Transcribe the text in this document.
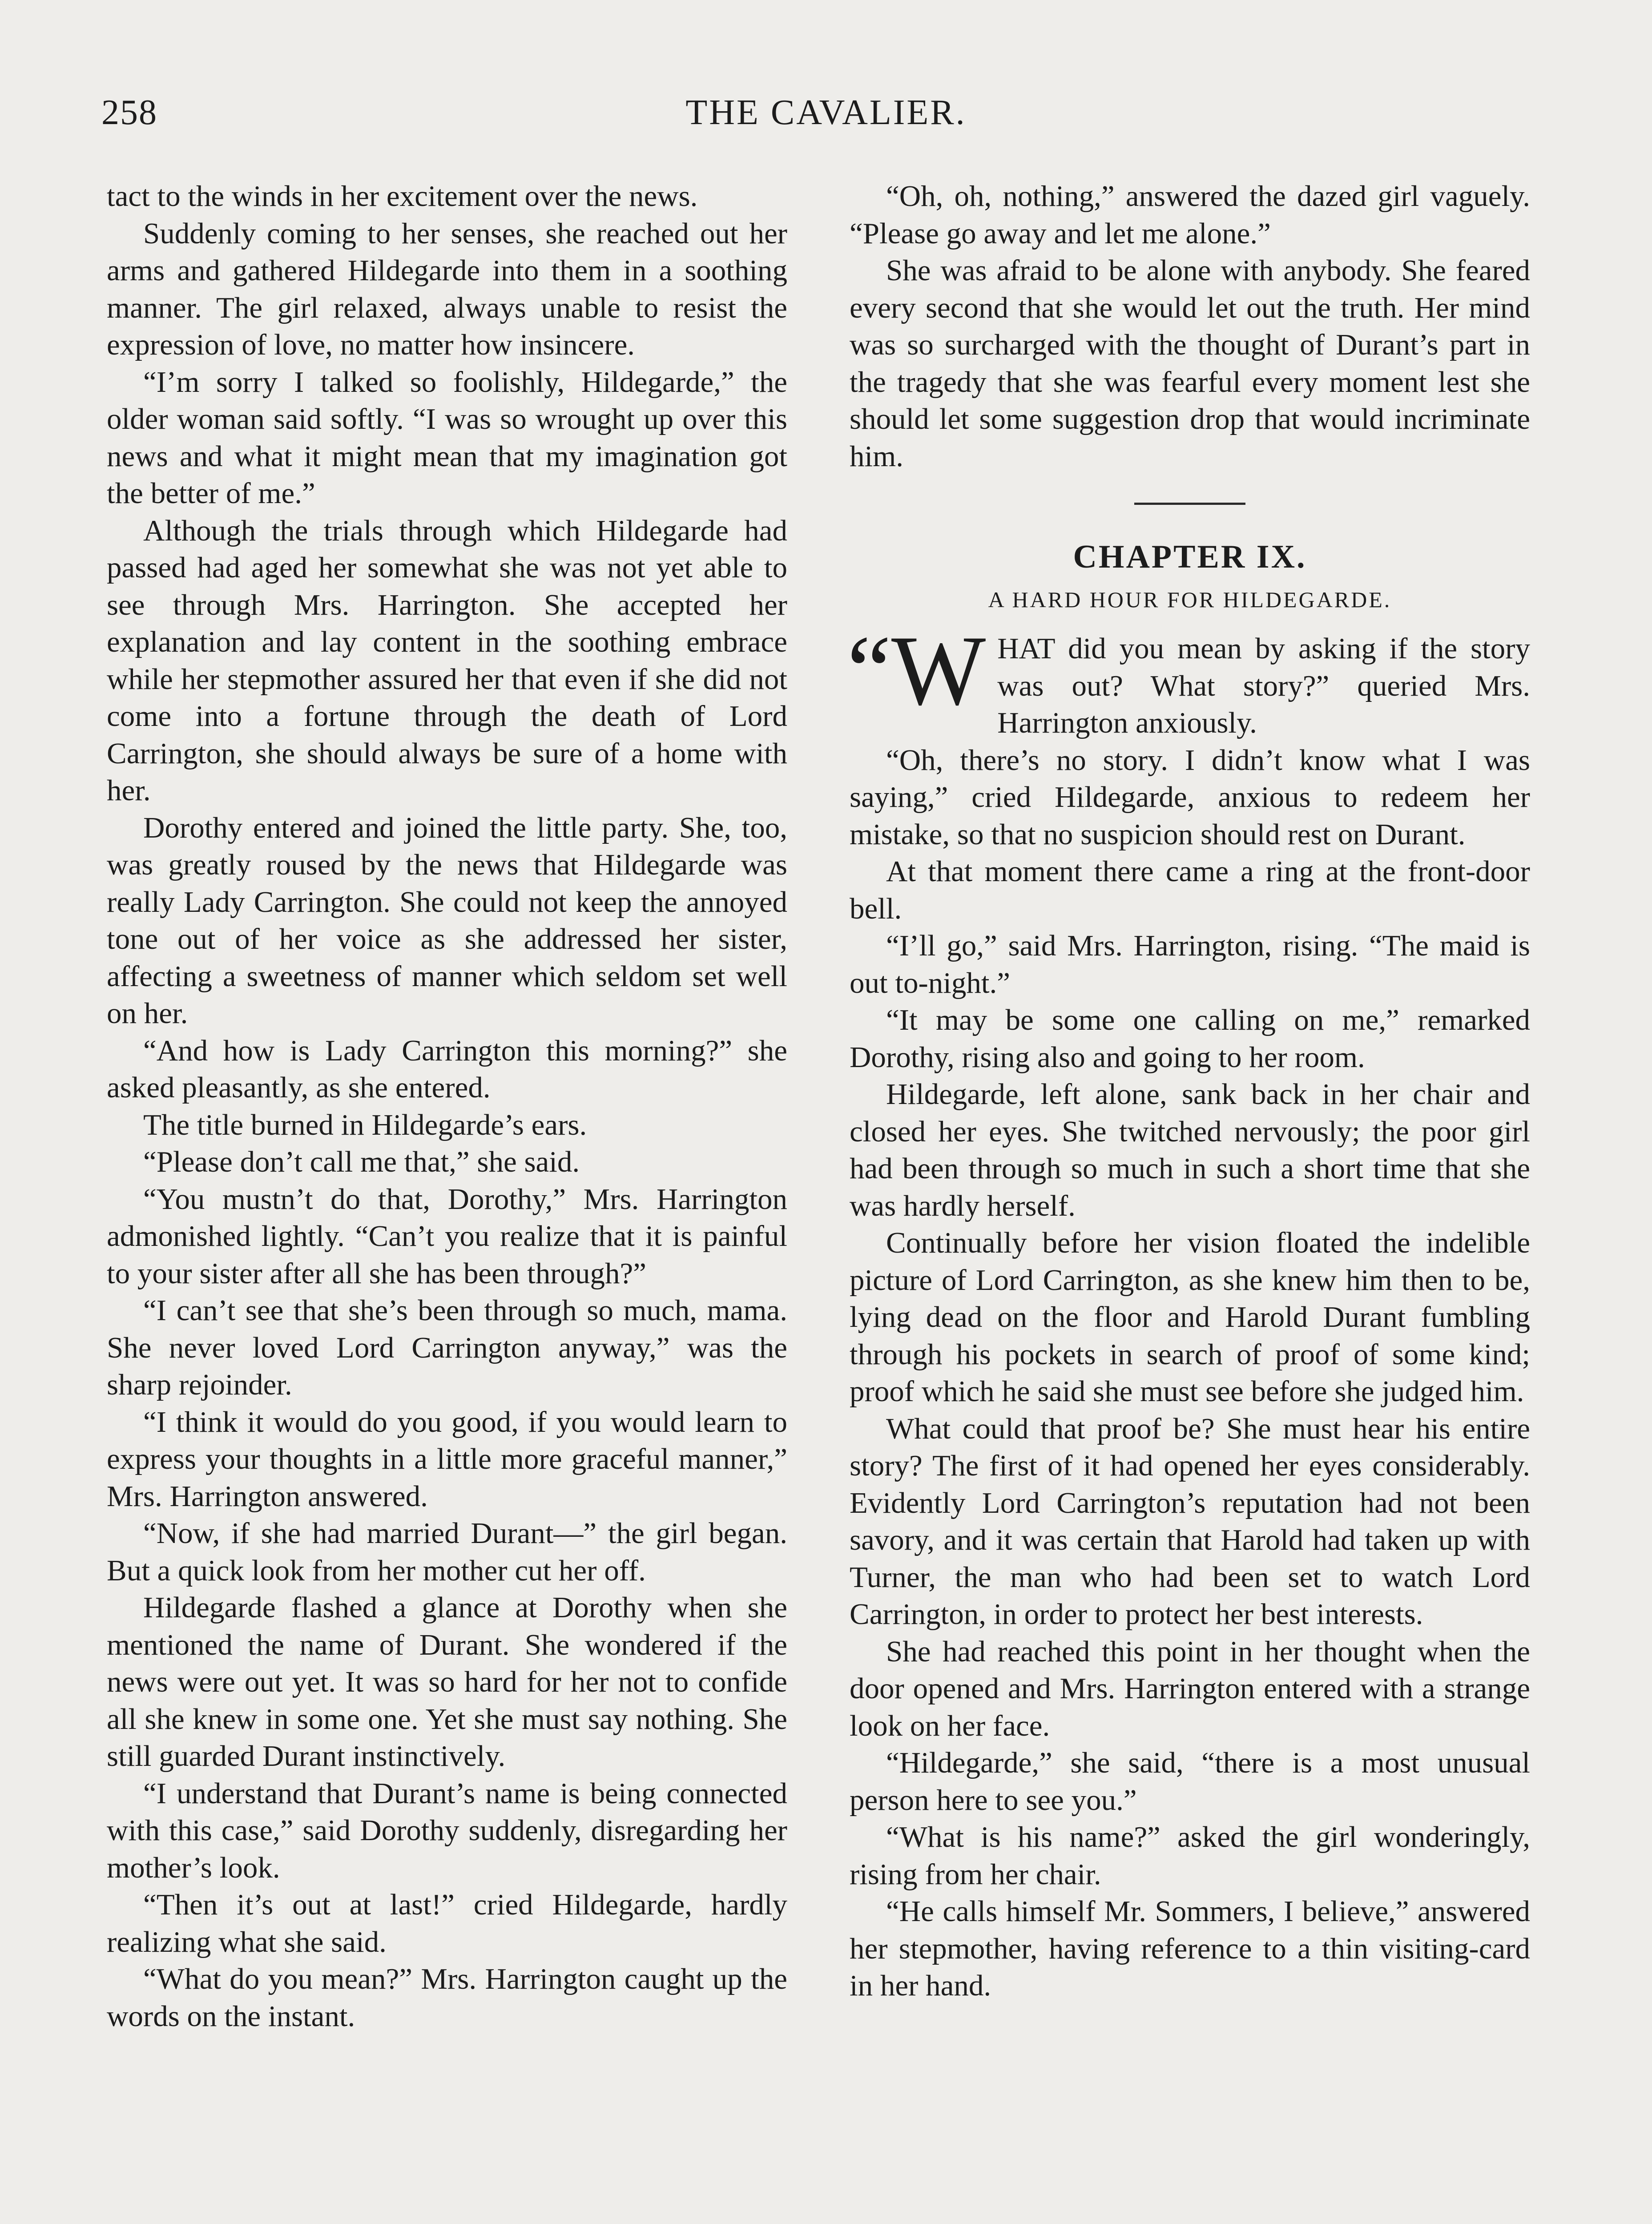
258	THE CAVALIER.

tact to the winds in her excitement over the news.

Suddenly coming to her senses, she reached out her arms and gathered Hildegarde into them in a soothing manner. The girl relaxed, always unable to resist the expression of love, no matter how insincere.

“I’m sorry I talked so foolishly, Hildegarde,” the older woman said softly. “I was so wrought up over this news and what it might mean that my imagination got the better of me.”

Although the trials through which Hildegarde had passed had aged her somewhat she was not yet able to see through Mrs. Harrington. She accepted her explanation and lay content in the soothing embrace while her stepmother assured her that even if she did not come into a fortune through the death of Lord Carrington, she should always be sure of a home with her.

Dorothy entered and joined the little party. She, too, was greatly roused by the news that Hildegarde was really Lady Carrington. She could not keep the annoyed tone out of her voice as she addressed her sister, affecting a sweetness of manner which seldom set well on her.

“And how is Lady Carrington this morning?” she asked pleasantly, as she entered.

The title burned in Hildegarde’s ears.

“Please don’t call me that,” she said.

“You mustn’t do that, Dorothy,” Mrs. Harrington admonished lightly. “Can’t you realize that it is painful to your sister after all she has been through?”

“I can’t see that she’s been through so much, mama. She never loved Lord Carrington anyway,” was the sharp rejoinder.

“I think it would do you good, if you would learn to express your thoughts in a little more graceful manner,” Mrs. Harrington answered.

“Now, if she had married Durant—” the girl began. But a quick look from her mother cut her off.

Hildegarde flashed a glance at Dorothy when she mentioned the name of Durant. She wondered if the news were out yet. It was so hard for her not to confide all she knew in some one. Yet she must say nothing. She still guarded Durant instinctively.

“I understand that Durant’s name is being connected with this case,” said Dorothy suddenly, disregarding her mother’s look.

“Then it’s out at last!” cried Hildegarde, hardly realizing what she said.

“What do you mean?” Mrs. Harrington caught up the words on the instant.

“Oh, oh, nothing,” answered the dazed girl vaguely. “Please go away and let me alone.”

She was afraid to be alone with anybody. She feared every second that she would let out the truth. Her mind was so surcharged with the thought of Durant’s part in the tragedy that she was fearful every moment lest she should let some suggestion drop that would incriminate him.

CHAPTER IX.
A HARD HOUR FOR HILDEGARDE.

“WHAT did you mean by asking if the story was out? What story?” queried Mrs. Harrington anxiously.

“Oh, there’s no story. I didn’t know what I was saying,” cried Hildegarde, anxious to redeem her mistake, so that no suspicion should rest on Durant.

At that moment there came a ring at the front-door bell.

“I’ll go,” said Mrs. Harrington, rising. “The maid is out to-night.”

“It may be some one calling on me,” remarked Dorothy, rising also and going to her room.

Hildegarde, left alone, sank back in her chair and closed her eyes. She twitched nervously; the poor girl had been through so much in such a short time that she was hardly herself.

Continually before her vision floated the indelible picture of Lord Carrington, as she knew him then to be, lying dead on the floor and Harold Durant fumbling through his pockets in search of proof of some kind; proof which he said she must see before she judged him.

What could that proof be? She must hear his entire story? The first of it had opened her eyes considerably. Evidently Lord Carrington’s reputation had not been savory, and it was certain that Harold had taken up with Turner, the man who had been set to watch Lord Carrington, in order to protect her best interests.

She had reached this point in her thought when the door opened and Mrs. Harrington entered with a strange look on her face.

“Hildegarde,” she said, “there is a most unusual person here to see you.”

“What is his name?” asked the girl wonderingly, rising from her chair.

“He calls himself Mr. Sommers, I believe,” answered her stepmother, having reference to a thin visiting-card in her hand.
